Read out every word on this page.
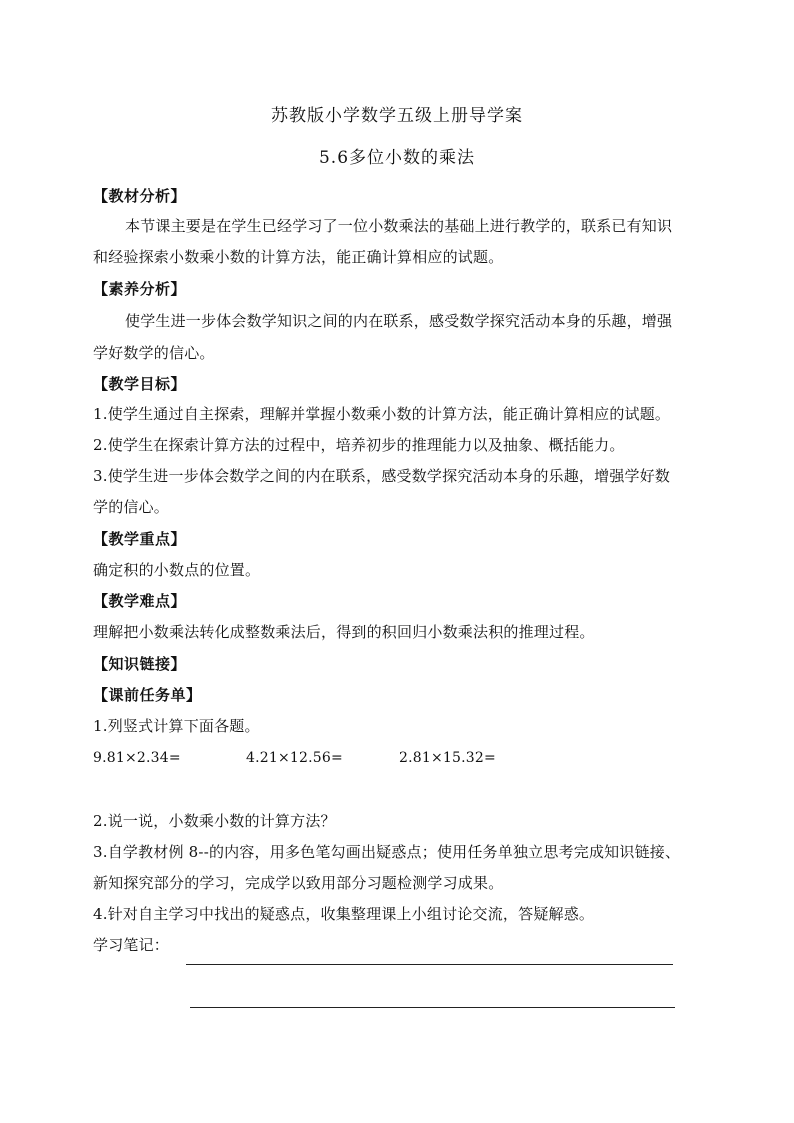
苏教版小学数学五级上册导学案
5.6多位小数的乘法
【教材分析】
本节课主要是在学生已经学习了一位小数乘法的基础上进行教学的，联系已有知识
和经验探索小数乘小数的计算方法，能正确计算相应的试题。
【素养分析】
使学生进一步体会数学知识之间的内在联系，感受数学探究活动本身的乐趣，增强
学好数学的信心。
【教学目标】
1.使学生通过自主探索，理解并掌握小数乘小数的计算方法，能正确计算相应的试题。
2.使学生在探索计算方法的过程中，培养初步的推理能力以及抽象、概括能力。
3.使学生进一步体会数学之间的内在联系，感受数学探究活动本身的乐趣，增强学好数
学的信心。
【教学重点】
确定积的小数点的位置。
【教学难点】
理解把小数乘法转化成整数乘法后，得到的积回归小数乘法积的推理过程。
【知识链接】
【课前任务单】
1.列竖式计算下面各题。
9.81×2.34=	4.21×12.56=	2.81×15.32=
2.说一说，小数乘小数的计算方法？
3.自学教材例 8--的内容，用多色笔勾画出疑惑点；使用任务单独立思考完成知识链接、
新知探究部分的学习，完成学以致用部分习题检测学习成果。
4.针对自主学习中找出的疑惑点，收集整理课上小组讨论交流，答疑解惑。
学习笔记：
